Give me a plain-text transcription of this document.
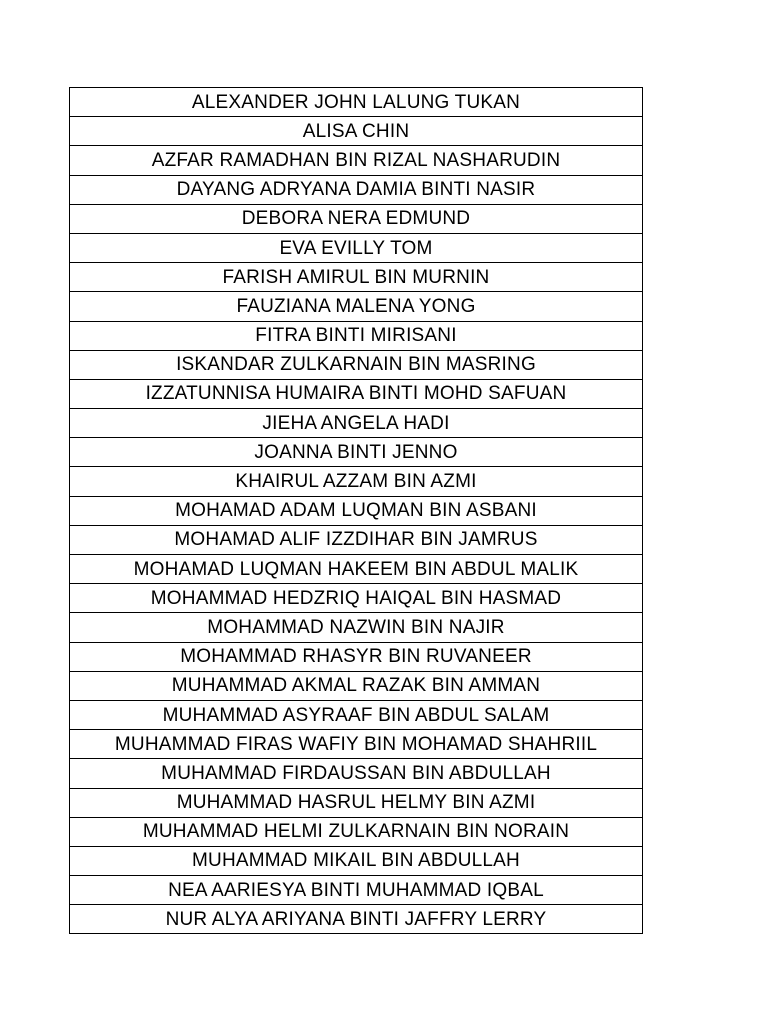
ALEXANDER JOHN LALUNG TUKAN
ALISA CHIN
AZFAR RAMADHAN BIN RIZAL NASHARUDIN
DAYANG ADRYANA DAMIA BINTI NASIR
DEBORA NERA EDMUND
EVA EVILLY TOM
FARISH AMIRUL BIN MURNIN
FAUZIANA MALENA YONG
FITRA BINTI MIRISANI
ISKANDAR ZULKARNAIN BIN MASRING
IZZATUNNISA HUMAIRA BINTI MOHD SAFUAN
JIEHA ANGELA HADI
JOANNA BINTI JENNO
KHAIRUL AZZAM BIN AZMI
MOHAMAD ADAM LUQMAN BIN ASBANI
MOHAMAD ALIF IZZDIHAR BIN JAMRUS
MOHAMAD LUQMAN HAKEEM BIN ABDUL MALIK
MOHAMMAD HEDZRIQ HAIQAL BIN HASMAD
MOHAMMAD NAZWIN BIN NAJIR
MOHAMMAD RHASYR BIN RUVANEER
MUHAMMAD AKMAL RAZAK BIN AMMAN
MUHAMMAD ASYRAAF BIN ABDUL SALAM
MUHAMMAD FIRAS WAFIY BIN MOHAMAD SHAHRIIL
MUHAMMAD FIRDAUSSAN BIN ABDULLAH
MUHAMMAD HASRUL HELMY BIN AZMI
MUHAMMAD HELMI ZULKARNAIN BIN NORAIN
MUHAMMAD MIKAIL BIN ABDULLAH
NEA AARIESYA BINTI MUHAMMAD IQBAL
NUR ALYA ARIYANA BINTI JAFFRY LERRY
